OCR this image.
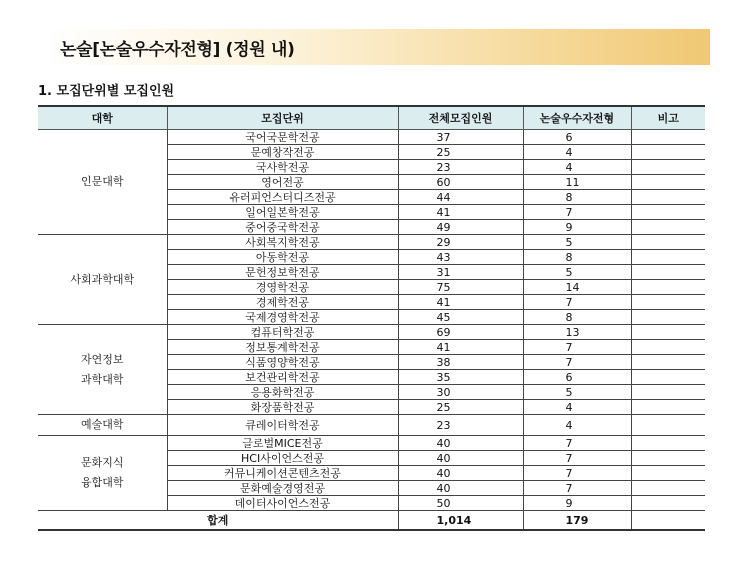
논술[논술우수자전형] (정원 내)
1. 모집단위별 모집인원
대학	모집단위	전체모집인원	논술우수자전형	비고

인문대학	국어국문학전공	37	6	
	문예창작전공	25	4	
	국사학전공	23	4	
	영어전공	60	11	
	유러피언스터디즈전공	44	8	
	일어일본학전공	41	7	
	중어중국학전공	49	9	

사회과학대학	사회복지학전공	29	5	
	아동학전공	43	8	
	문헌정보학전공	31	5	
	경영학전공	75	14	
	경제학전공	41	7	
	국제경영학전공	45	8	

자연정보
과학대학	컴퓨터학전공	69	13	
	정보통계학전공	41	7	
	식품영양학전공	38	7	
	보건관리학전공	35	6	
	응용화학전공	30	5	
	화장품학전공	25	4	

예술대학	큐레이터학전공	23	4	

문화지식
융합대학	글로벌MICE전공	40	7	
	HCI사이언스전공	40	7	
	커뮤니케이션콘텐츠전공	40	7	
	문화예술경영전공	40	7	
	데이터사이언스전공	50	9	
합계		1,014	179	
